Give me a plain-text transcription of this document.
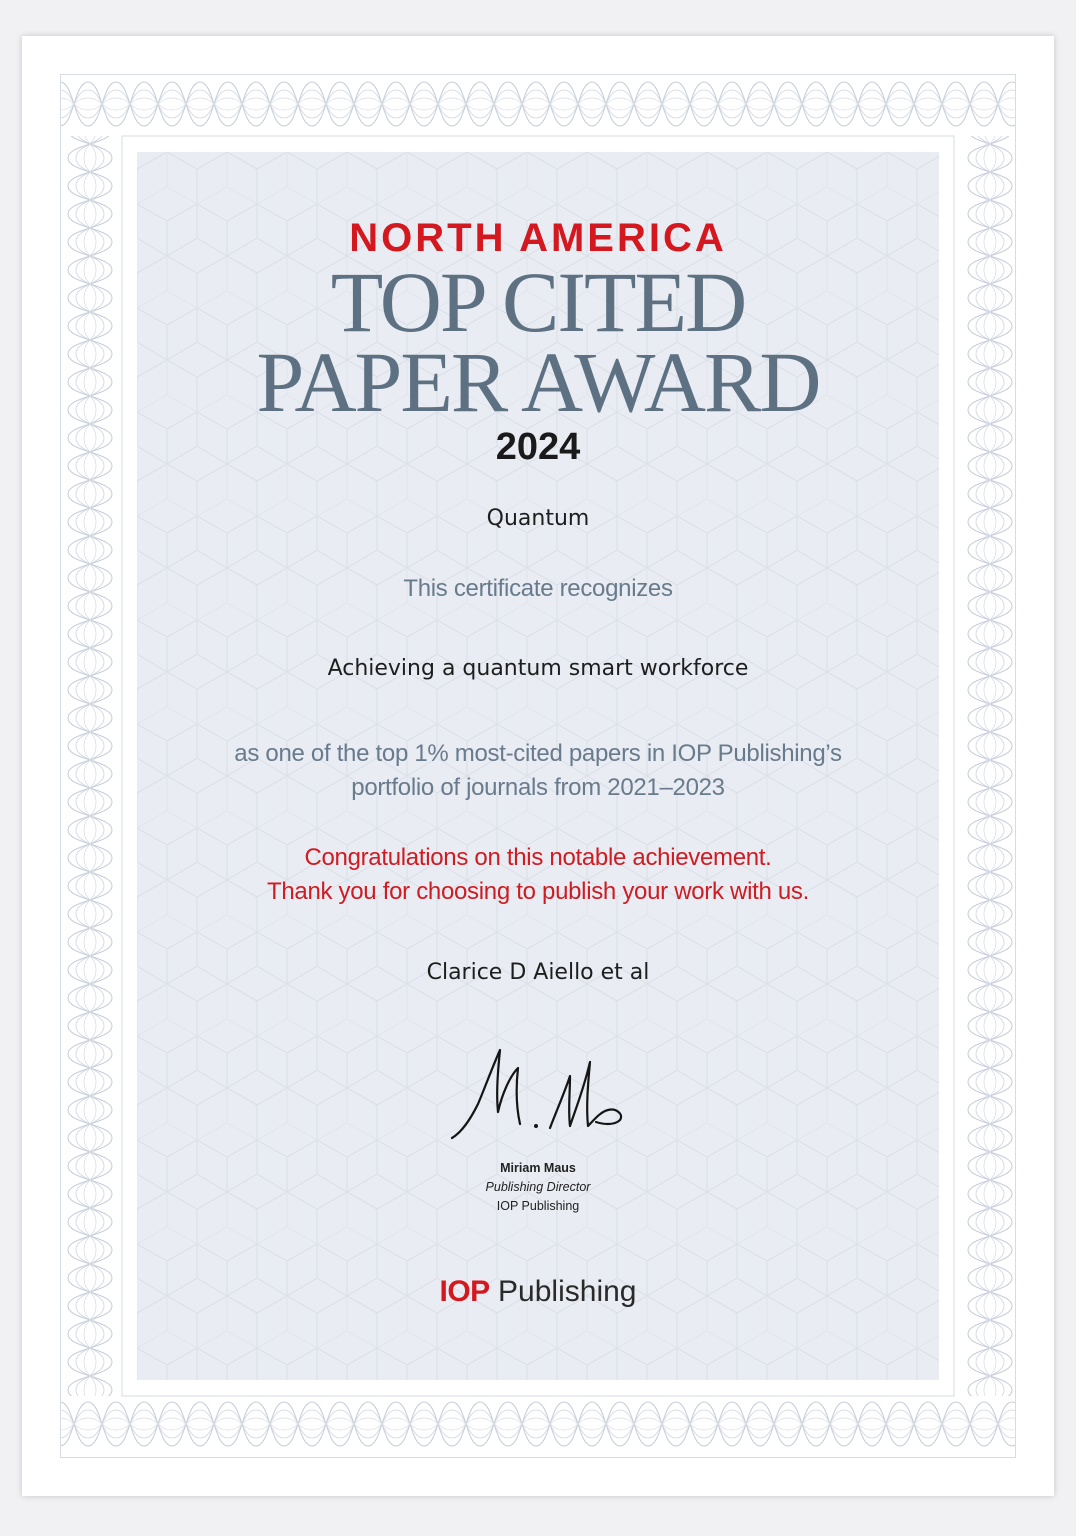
NORTH AMERICA
TOP CITED
PAPER AWARD
2024
Quantum
This certificate recognizes
Achieving a quantum smart workforce
as one of the top 1% most-cited papers in IOP Publishing’s
portfolio of journals from 2021–2023
Congratulations on this notable achievement.
Thank you for choosing to publish your work with us.
Clarice D Aiello et al
Miriam Maus
Publishing Director
IOP Publishing
IOP Publishing
